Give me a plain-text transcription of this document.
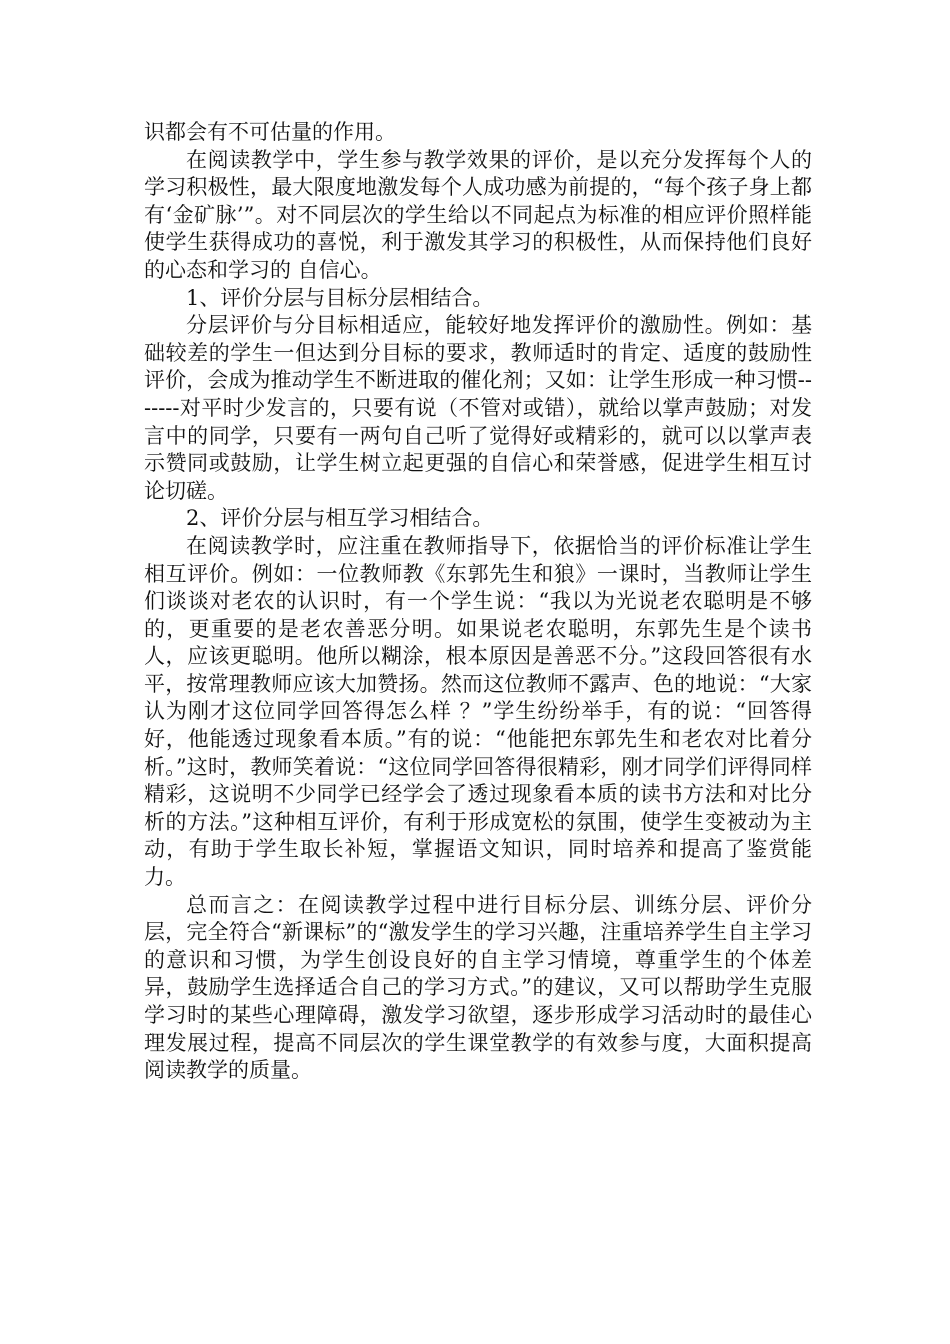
识都会有不可估量的作用。

在阅读教学中，学生参与教学效果的评价，是以充分发挥每个人的学习积极性，最大限度地激发每个人成功感为前提的，“每个孩子身上都有‘金矿脉’”。对不同层次的学生给以不同起点为标准的相应评价照样能使学生获得成功的喜悦，利于激发其学习的积极性，从而保持他们良好的心态和学习的 自信心。

1、评价分层与目标分层相结合。

分层评价与分目标相适应，能较好地发挥评价的激励性。例如：基础较差的学生一但达到分目标的要求，教师适时的肯定、适度的鼓励性评价，会成为推动学生不断进取的催化剂；又如：让学生形成一种习惯-------对平时少发言的，只要有说（不管对或错），就给以掌声鼓励；对发言中的同学，只要有一两句自己听了觉得好或精彩的，就可以以掌声表示赞同或鼓励，让学生树立起更强的自信心和荣誉感，促进学生相互讨论切磋。

2、评价分层与相互学习相结合。

在阅读教学时，应注重在教师指导下，依据恰当的评价标准让学生相互评价。例如：一位教师教《东郭先生和狼》一课时，当教师让学生们谈谈对老农的认识时，有一个学生说：“我以为光说老农聪明是不够的，更重要的是老农善恶分明。如果说老农聪明，东郭先生是个读书人，应该更聪明。他所以糊涂，根本原因是善恶不分。”这段回答很有水平，按常理教师应该大加赞扬。然而这位教师不露声、色的地说：“大家认为刚才这位同学回答得怎么样 ？”学生纷纷举手，有的说：“回答得好，他能透过现象看本质。”有的说：“他能把东郭先生和老农对比着分析。”这时，教师笑着说：“这位同学回答得很精彩，刚才同学们评得同样精彩，这说明不少同学已经学会了透过现象看本质的读书方法和对比分析的方法。”这种相互评价，有利于形成宽松的氛围，使学生变被动为主动，有助于学生取长补短，掌握语文知识，同时培养和提高了鉴赏能力。

总而言之：在阅读教学过程中进行目标分层、训练分层、评价分层，完全符合“新课标”的“激发学生的学习兴趣，注重培养学生自主学习的意识和习惯，为学生创设良好的自主学习情境，尊重学生的个体差异，鼓励学生选择适合自己的学习方式。”的建议，又可以帮助学生克服学习时的某些心理障碍，激发学习欲望，逐步形成学习活动时的最佳心理发展过程，提高不同层次的学生课堂教学的有效参与度，大面积提高阅读教学的质量。
